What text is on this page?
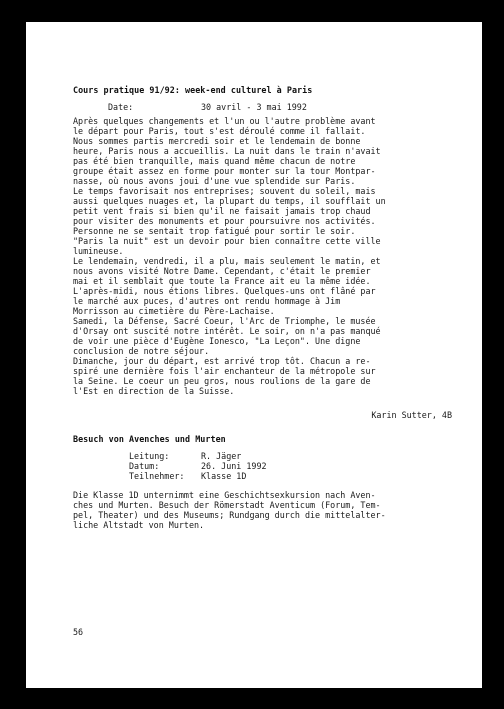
Cours pratique 91/92: week-end culturel à Paris
Date:	30 avril - 3 mai 1992
Après quelques changements et l'un ou l'autre problème avant
le départ pour Paris, tout s'est déroulé comme il fallait.
Nous sommes partis mercredi soir et le lendemain de bonne
heure, Paris nous a accueillis. La nuit dans le train n'avait
pas été bien tranquille, mais quand même chacun de notre
groupe était assez en forme pour monter sur la tour Montpar-
nasse, où nous avons joui d'une vue splendide sur Paris.
Le temps favorisait nos entreprises; souvent du soleil, mais
aussi quelques nuages et, la plupart du temps, il soufflait un
petit vent frais si bien qu'il ne faisait jamais trop chaud
pour visiter des monuments et pour poursuivre nos activités.
Personne ne se sentait trop fatigué pour sortir le soir.
"Paris la nuit" est un devoir pour bien connaître cette ville
lumineuse.
Le lendemain, vendredi, il a plu, mais seulement le matin, et
nous avons visité Notre Dame. Cependant, c'était le premier
mai et il semblait que toute la France ait eu la même idée.
L'après-midi, nous étions libres. Quelques-uns ont flâné par
le marché aux puces, d'autres ont rendu hommage à Jim
Morrisson au cimetière du Père-Lachaise.
Samedi, la Défense, Sacré Coeur, l'Arc de Triomphe, le musée
d'Orsay ont suscité notre intérêt. Le soir, on n'a pas manqué
de voir une pièce d'Eugène Ionesco, "La Leçon". Une digne
conclusion de notre séjour.
Dimanche, jour du départ, est arrivé trop tôt. Chacun a re-
spiré une dernière fois l'air enchanteur de la métropole sur
la Seine. Le coeur un peu gros, nous roulions de la gare de
l'Est en direction de la Suisse.
Karin Sutter, 4B
Besuch von Avenches und Murten
Leitung:	R. Jäger
Datum:	26. Juni 1992
Teilnehmer: Klasse 1D
Die Klasse 1D unternimmt eine Geschichtsexkursion nach Aven-
ches und Murten. Besuch der Römerstadt Aventicum (Forum, Tem-
pel, Theater) und des Museums; Rundgang durch die mittelalter-
liche Altstadt von Murten.
56
